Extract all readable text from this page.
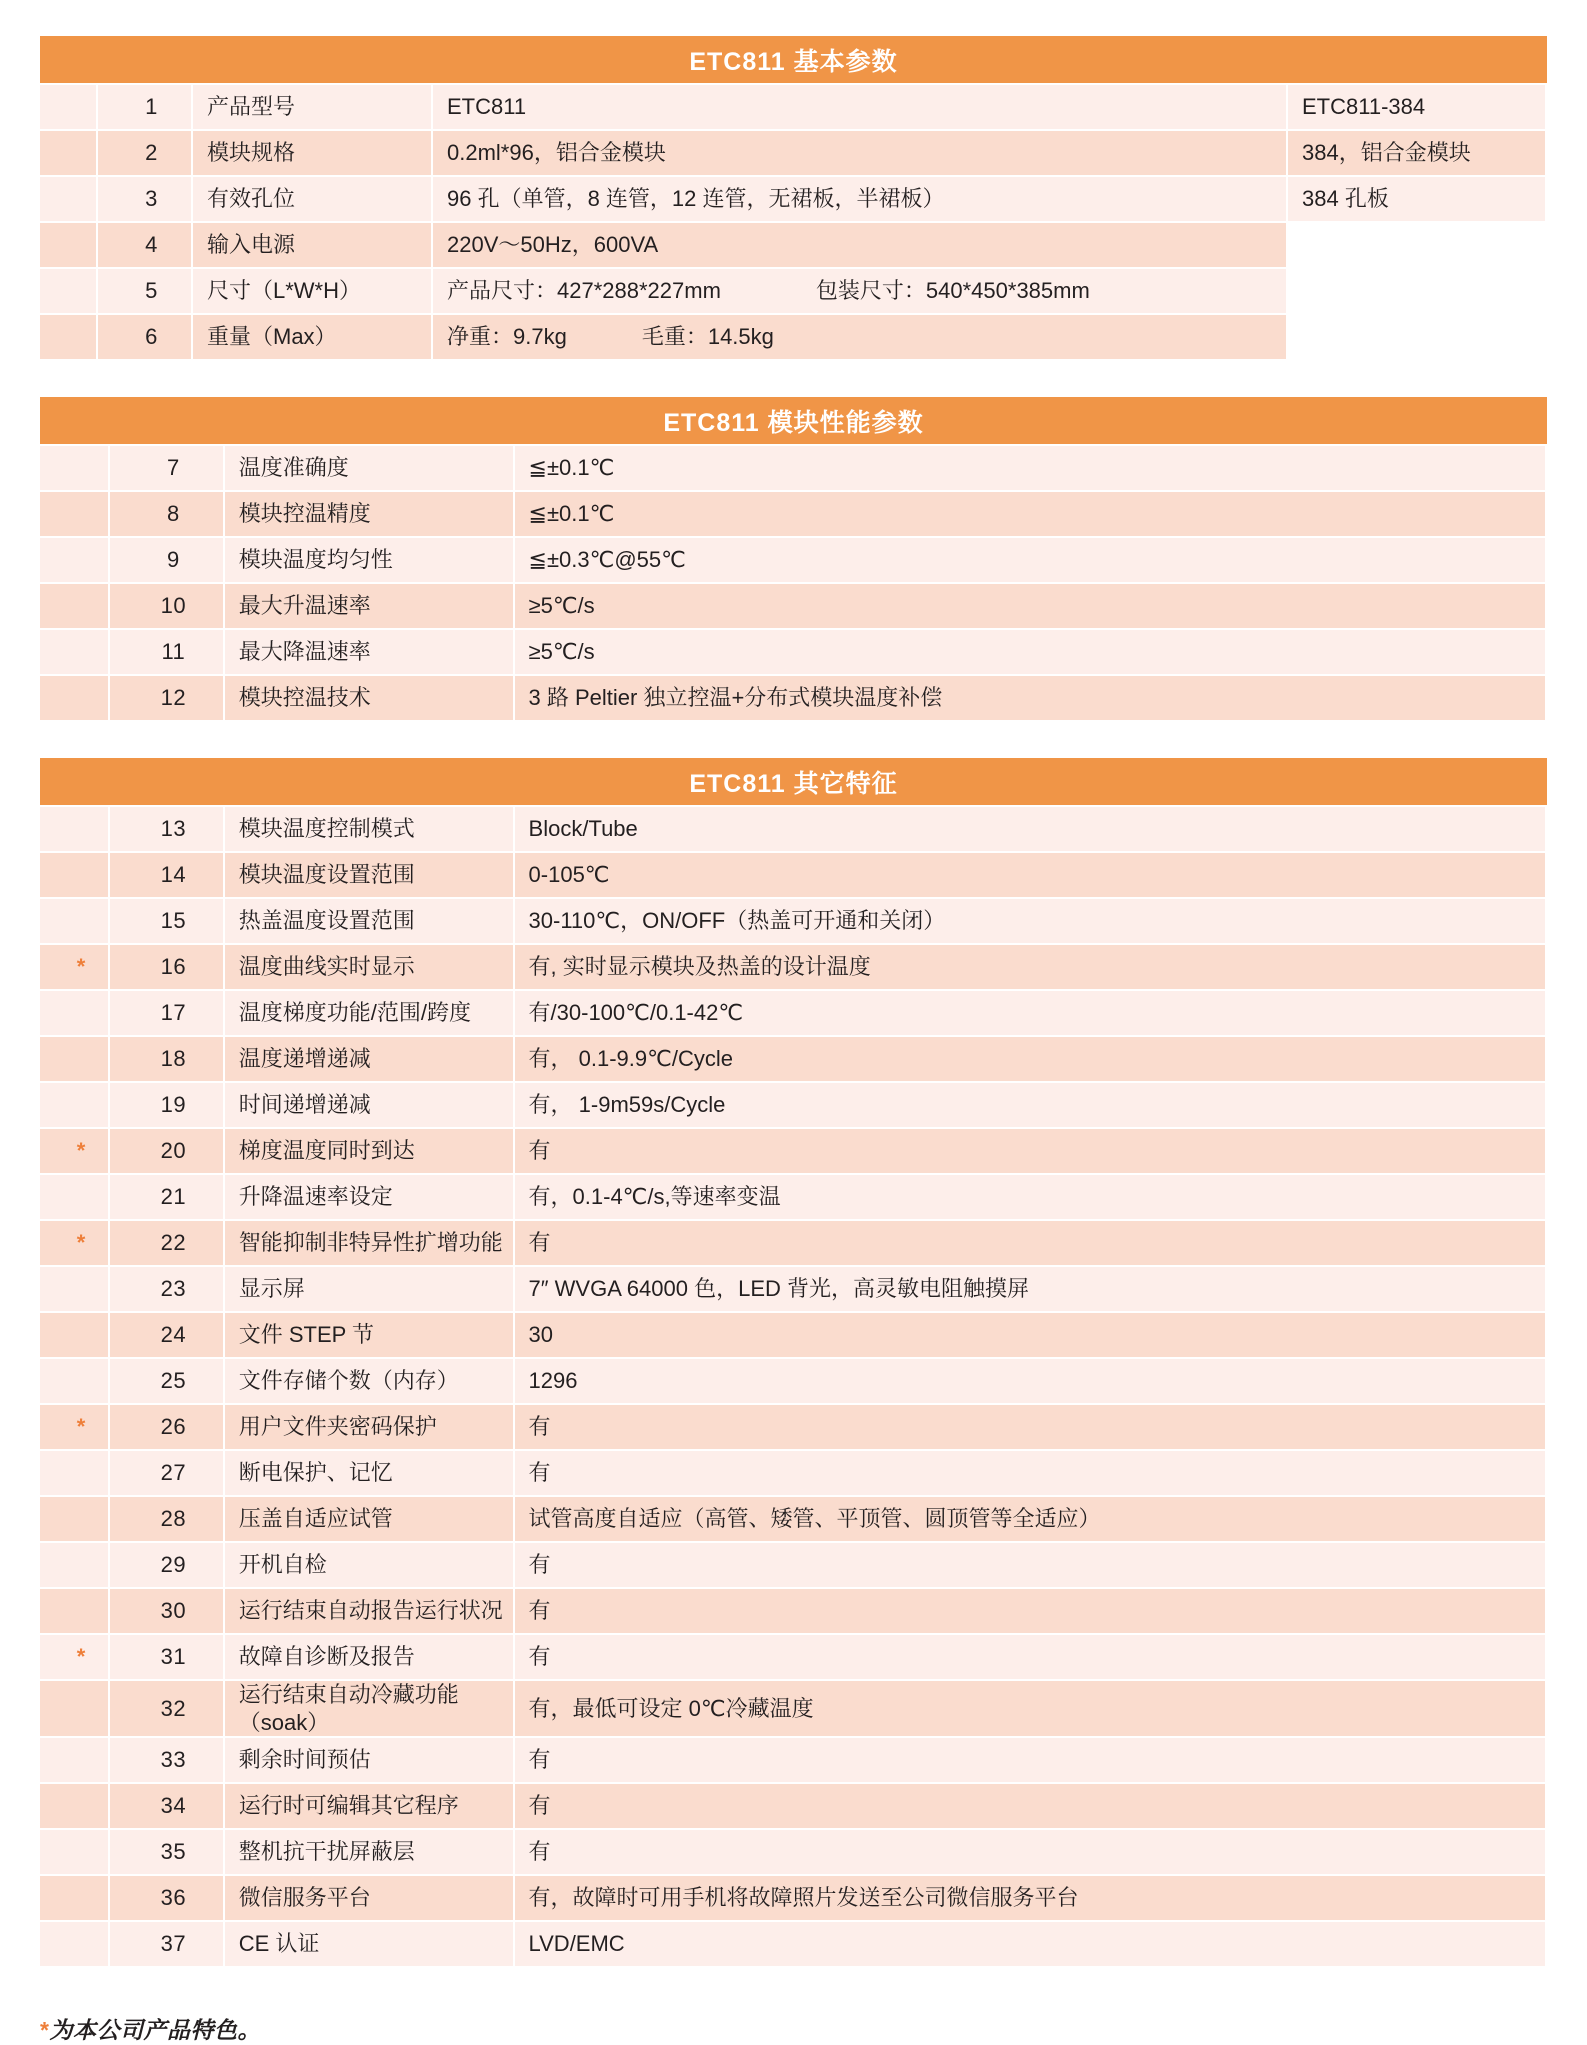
ETC811 基本参数				
	1	产品型号	ETC811	ETC811-384
	2	模块规格	0.2ml*96，铝合金模块	384，铝合金模块
	3	有效孔位	96 孔（单管，8 连管，12 连管，无裙板，半裙板）	384 孔板
	4	输入电源	220V～50Hz，600VA	
	5	尺寸（L*W*H）	产品尺寸：427*288*227mm 包装尺寸：540*450*385mm	
	6	重量（Max）	净重：9.7kg 毛重：14.5kg	
ETC811 模块性能参数			
	7	温度准确度	≦±0.1℃
	8	模块控温精度	≦±0.1℃
	9	模块温度均匀性	≦±0.3℃@55℃
	10	最大升温速率	≥5℃/s
	11	最大降温速率	≥5℃/s
	12	模块控温技术	3 路 Peltier 独立控温+分布式模块温度补偿
ETC811 其它特征			
	13	模块温度控制模式	Block/Tube
	14	模块温度设置范围	0-105℃
	15	热盖温度设置范围	30-110℃，ON/OFF（热盖可开通和关闭）
*	16	温度曲线实时显示	有, 实时显示模块及热盖的设计温度
	17	温度梯度功能/范围/跨度	有/30-100℃/0.1-42℃
	18	温度递增递减	有， 0.1-9.9℃/Cycle
	19	时间递增递减	有， 1-9m59s/Cycle
*	20	梯度温度同时到达	有
	21	升降温速率设定	有，0.1-4℃/s,等速率变温
*	22	智能抑制非特异性扩增功能	有
	23	显示屏	7″ WVGA 64000 色，LED 背光，高灵敏电阻触摸屏
	24	文件 STEP 节	30
	25	文件存储个数（内存）	1296
*	26	用户文件夹密码保护	有
	27	断电保护、记忆	有
	28	压盖自适应试管	试管高度自适应（高管、矮管、平顶管、圆顶管等全适应）
	29	开机自检	有
	30	运行结束自动报告运行状况	有
*	31	故障自诊断及报告	有
	32	运行结束自动冷藏功能（soak）	有，最低可设定 0℃冷藏温度
	33	剩余时间预估	有
	34	运行时可编辑其它程序	有
	35	整机抗干扰屏蔽层	有
	36	微信服务平台	有，故障时可用手机将故障照片发送至公司微信服务平台
	37	CE 认证	LVD/EMC
*为本公司产品特色。
